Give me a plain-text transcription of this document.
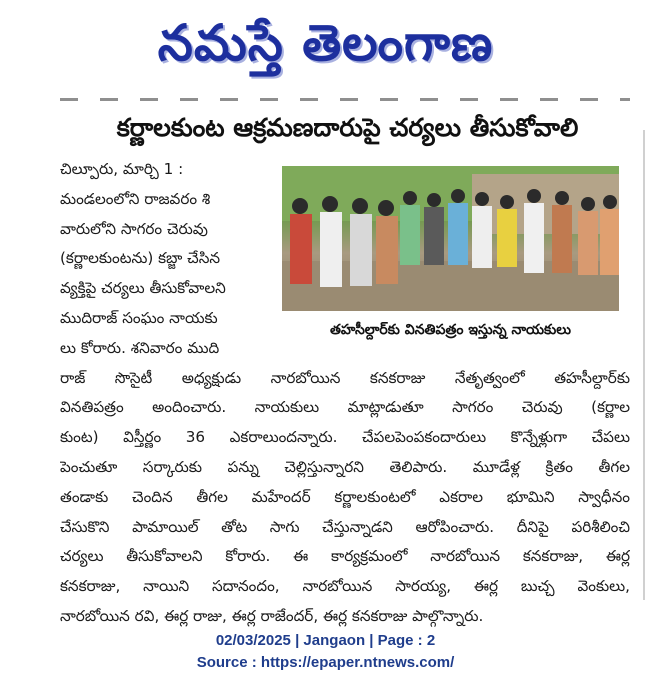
నమస్తే తెలంగాణ
కర్ణాలకుంట ఆక్రమణదారుపై చర్యలు తీసుకోవాలి
తహసీల్దార్‌కు వినతిపత్రం ఇస్తున్న నాయకులు
చిల్పూరు, మార్చి 1 :
మండలంలోని రాజవరం శి
వారులోని సాగరం చెరువు
(కర్ణాలకుంటను) కబ్జా చేసిన
వ్యక్తిపై చర్యలు తీసుకోవాలని
ముదిరాజ్ సంఘం నాయకు
లు కోరారు. శనివారం ముది
రాజ్ సొసైటీ అధ్యక్షుడు నారబోయిన కనకరాజు నేతృత్వంలో తహసీల్దార్‌కు
వినతిపత్రం అందించారు. నాయకులు మాట్లాడుతూ సాగరం చెరువు (కర్ణాల
కుంట) విస్తీర్ణం 36 ఎకరాలుందన్నారు. చేపలపెంపకందారులు కొన్నేళ్లుగా చేపలు
పెంచుతూ సర్కారుకు పన్ను చెల్లిస్తున్నారని తెలిపారు. మూడేళ్ల క్రితం తీగల
తండాకు చెందిన తీగల మహేందర్ కర్ణాలకుంటలో ఎకరాల భూమిని స్వాధీనం
చేసుకొని పామాయిల్ తోట సాగు చేస్తున్నాడని ఆరోపించారు. దీనిపై పరిశీలించి
చర్యలు తీసుకోవాలని కోరారు. ఈ కార్యక్రమంలో నారబోయిన కనకరాజు, ఈర్ల
కనకరాజు, నాయిని సదానందం, నారబోయిన సారయ్య, ఈర్ల బుచ్చ వెంకులు,
నారబోయిన రవి, ఈర్ల రాజు, ఈర్ల రాజేందర్, ఈర్ల కనకరాజు పాల్గొన్నారు.
02/03/2025 | Jangaon | Page : 2
Source : https://epaper.ntnews.com/
